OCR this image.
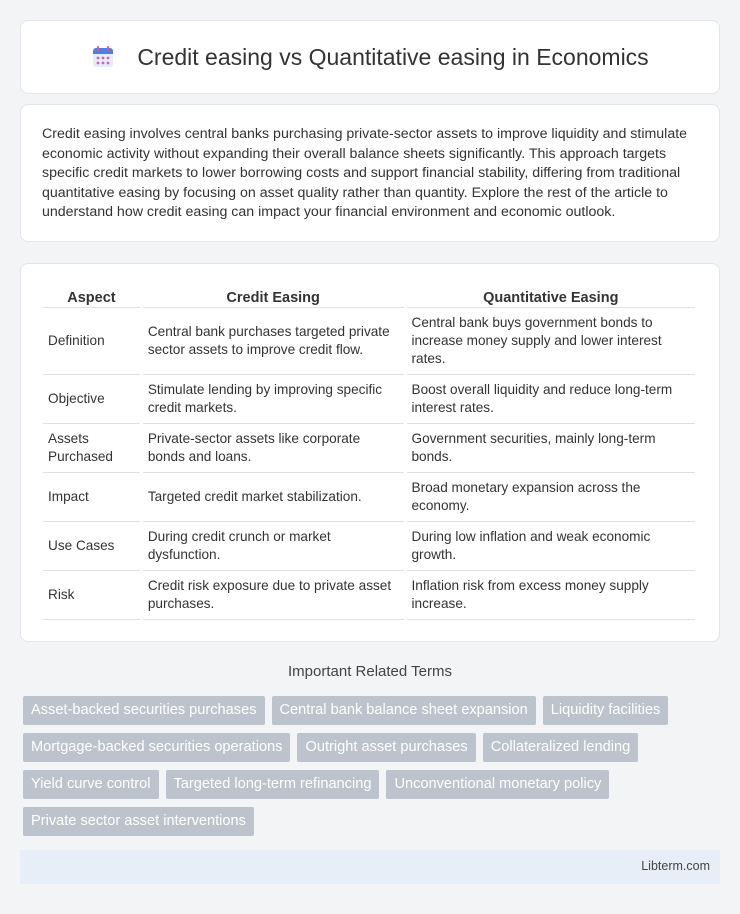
Credit easing vs Quantitative easing in Economics

Credit easing involves central banks purchasing private-sector assets to improve liquidity and stimulate economic activity without expanding their overall balance sheets significantly. This approach targets specific credit markets to lower borrowing costs and support financial stability, differing from traditional quantitative easing by focusing on asset quality rather than quantity. Explore the rest of the article to understand how credit easing can impact your financial environment and economic outlook.

Aspect	Credit Easing	Quantitative Easing
Definition	Central bank purchases targeted private sector assets to improve credit flow.	Central bank buys government bonds to increase money supply and lower interest rates.
Objective	Stimulate lending by improving specific credit markets.	Boost overall liquidity and reduce long-term interest rates.
Assets Purchased	Private-sector assets like corporate bonds and loans.	Government securities, mainly long-term bonds.
Impact	Targeted credit market stabilization.	Broad monetary expansion across the economy.
Use Cases	During credit crunch or market dysfunction.	During low inflation and weak economic growth.
Risk	Credit risk exposure due to private asset purchases.	Inflation risk from excess money supply increase.
Important Related Terms
Asset-backed securities purchases	Central bank balance sheet expansion	Liquidity facilities
Mortgage-backed securities operations	Outright asset purchases	Collateralized lending
Yield curve control	Targeted long-term refinancing	Unconventional monetary policy
Private sector asset interventions
Libterm.com
